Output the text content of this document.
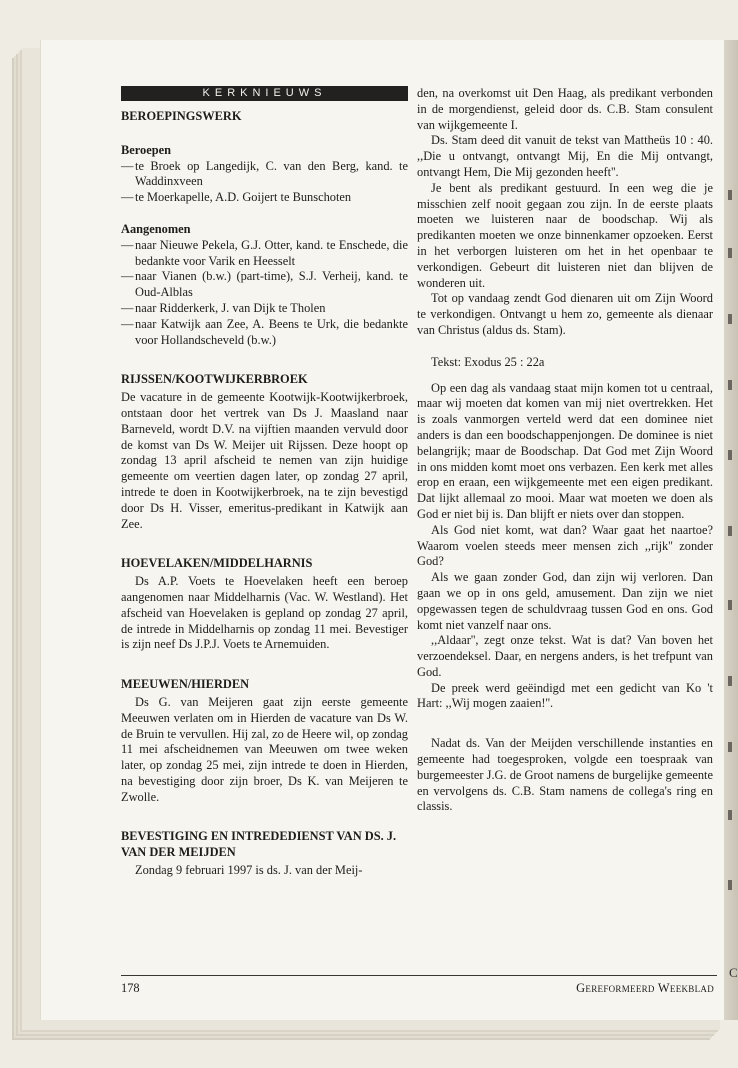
KERKNIEUWS
BEROEPINGSWERK
Beroepen
— te Broek op Langedijk, C. van den Berg, kand. te Waddinxveen
— te Moerkapelle, A.D. Goijert te Bunschoten
Aangenomen
— naar Nieuwe Pekela, G.J. Otter, kand. te Enschede, die bedankte voor Varik en Heesselt
— naar Vianen (b.w.) (part-time), S.J. Verheij, kand. te Oud-Alblas
— naar Ridderkerk, J. van Dijk te Tholen
— naar Katwijk aan Zee, A. Beens te Urk, die bedankte voor Hollandscheveld (b.w.)
RIJSSEN/KOOTWIJKERBROEK

De vacature in de gemeente Kootwijk-Kootwijkerbroek, ontstaan door het vertrek van Ds J. Maasland naar Barneveld, wordt D.V. na vijftien maanden vervuld door de komst van Ds W. Meijer uit Rijssen. Deze hoopt op zondag 13 april afscheid te nemen van zijn huidige gemeente om veertien dagen later, op zondag 27 april, intrede te doen in Kootwijkerbroek, na te zijn bevestigd door Ds H. Visser, emeritus-predikant in Katwijk aan Zee.

HOEVELAKEN/MIDDELHARNIS

Ds A.P. Voets te Hoevelaken heeft een beroep aangenomen naar Middelharnis (Vac. W. Westland). Het afscheid van Hoevelaken is gepland op zondag 27 april, de intrede in Middelharnis op zondag 11 mei. Bevestiger is zijn neef Ds J.P.J. Voets te Arnemuiden.

MEEUWEN/HIERDEN

Ds G. van Meijeren gaat zijn eerste gemeente Meeuwen verlaten om in Hierden de vacature van Ds W. de Bruin te vervullen. Hij zal, zo de Heere wil, op zondag 11 mei afscheidnemen van Meeuwen om twee weken later, op zondag 25 mei, zijn intrede te doen in Hierden, na bevestiging door zijn broer, Ds K. van Meijeren te Zwolle.

BEVESTIGING EN INTREDEDIENST VAN DS. J. VAN DER MEIJDEN

Zondag 9 februari 1997 is ds. J. van der Meij-

den, na overkomst uit Den Haag, als predikant verbonden in de morgendienst, geleid door ds. C.B. Stam consulent van wijkgemeente I.

Ds. Stam deed dit vanuit de tekst van Mattheüs 10 : 40. ,,Die u ontvangt, ontvangt Mij, En die Mij ontvangt, ontvangt Hem, Die Mij gezonden heeft''.

Je bent als predikant gestuurd. In een weg die je misschien zelf nooit gegaan zou zijn. In de eerste plaats moeten we luisteren naar de boodschap. Wij als predikanten moeten we onze binnenkamer opzoeken. Eerst in het verborgen luisteren om het in het openbaar te verkondigen. Gebeurt dit luisteren niet dan blijven de wonderen uit.

Tot op vandaag zendt God dienaren uit om Zijn Woord te verkondigen. Ontvangt u hem zo, gemeente als dienaar van Christus (aldus ds. Stam).

Tekst: Exodus 25 : 22a

Op een dag als vandaag staat mijn komen tot u centraal, maar wij moeten dat komen van mij niet overtrekken. Het is zoals vanmorgen verteld werd dat een dominee niet anders is dan een boodschappenjongen. De dominee is niet belangrijk; maar de Boodschap. Dat God met Zijn Woord in ons midden komt moet ons verbazen. Een kerk met alles erop en eraan, een wijkgemeente met een eigen predikant. Dat lijkt allemaal zo mooi. Maar wat moeten we doen als God er niet bij is. Dan blijft er niets over dan stoppen.

Als God niet komt, wat dan? Waar gaat het naartoe? Waarom voelen steeds meer mensen zich ,,rijk'' zonder God?

Als we gaan zonder God, dan zijn wij verloren. Dan gaan we op in ons geld, amusement. Dan zijn we niet opgewassen tegen de schuldvraag tussen God en ons. God komt niet vanzelf naar ons.

,,Aldaar'', zegt onze tekst. Wat is dat? Van boven het verzoendeksel. Daar, en nergens anders, is het trefpunt van God.

De preek werd geëindigd met een gedicht van Ko 't Hart: ,,Wij mogen zaaien!''.

Nadat ds. Van der Meijden verschillende instanties en gemeente had toegesproken, volgde een toespraak van burgemeester J.G. de Groot namens de burgelijke gemeente en vervolgens ds. C.B. Stam namens de collega's ring en classis.

178	Gereformeerd Weekblad
C
